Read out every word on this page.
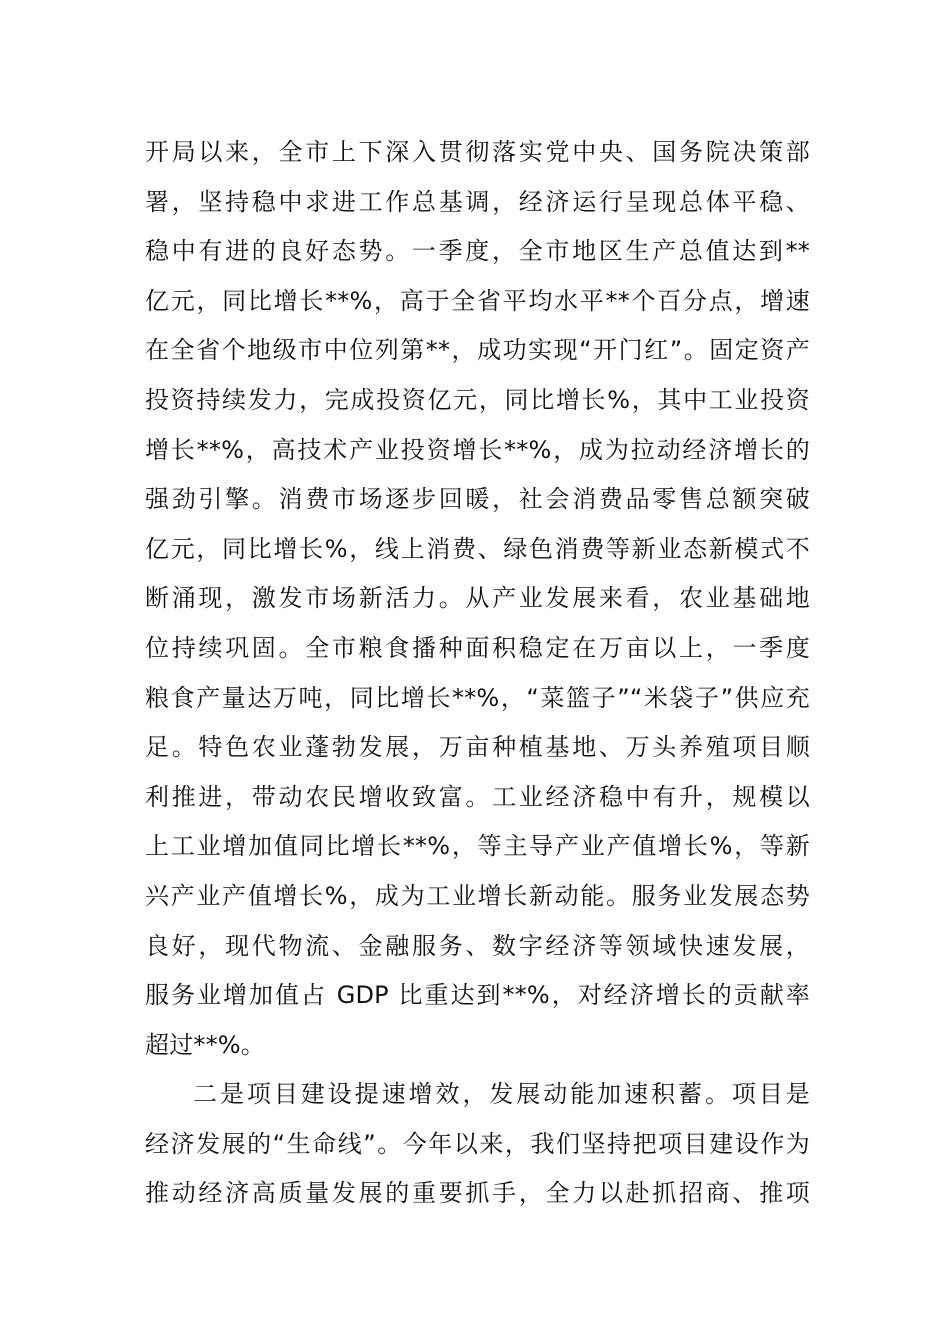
开局以来，全市上下深入贯彻落实党中央、国务院决策部
署，坚持稳中求进工作总基调，经济运行呈现总体平稳、
稳中有进的良好态势。一季度，全市地区生产总值达到**
亿元，同比增长**%，高于全省平均水平**个百分点，增速
在全省个地级市中位列第**，成功实现“开门红”。固定资产
投资持续发力，完成投资亿元，同比增长%，其中工业投资
增长**%，高技术产业投资增长**%，成为拉动经济增长的
强劲引擎。消费市场逐步回暖，社会消费品零售总额突破
亿元，同比增长%，线上消费、绿色消费等新业态新模式不
断涌现，激发市场新活力。从产业发展来看，农业基础地
位持续巩固。全市粮食播种面积稳定在万亩以上，一季度
粮食产量达万吨，同比增长**%，“菜篮子”“米袋子”供应充
足。特色农业蓬勃发展，万亩种植基地、万头养殖项目顺
利推进，带动农民增收致富。工业经济稳中有升，规模以
上工业增加值同比增长**%，等主导产业产值增长%，等新
兴产业产值增长%，成为工业增长新动能。服务业发展态势
良好，现代物流、金融服务、数字经济等领域快速发展，
服务业增加值占 GDP 比重达到**%，对经济增长的贡献率
超过**%。
二是项目建设提速增效，发展动能加速积蓄。项目是
经济发展的“生命线”。今年以来，我们坚持把项目建设作为
推动经济高质量发展的重要抓手，全力以赴抓招商、推项
